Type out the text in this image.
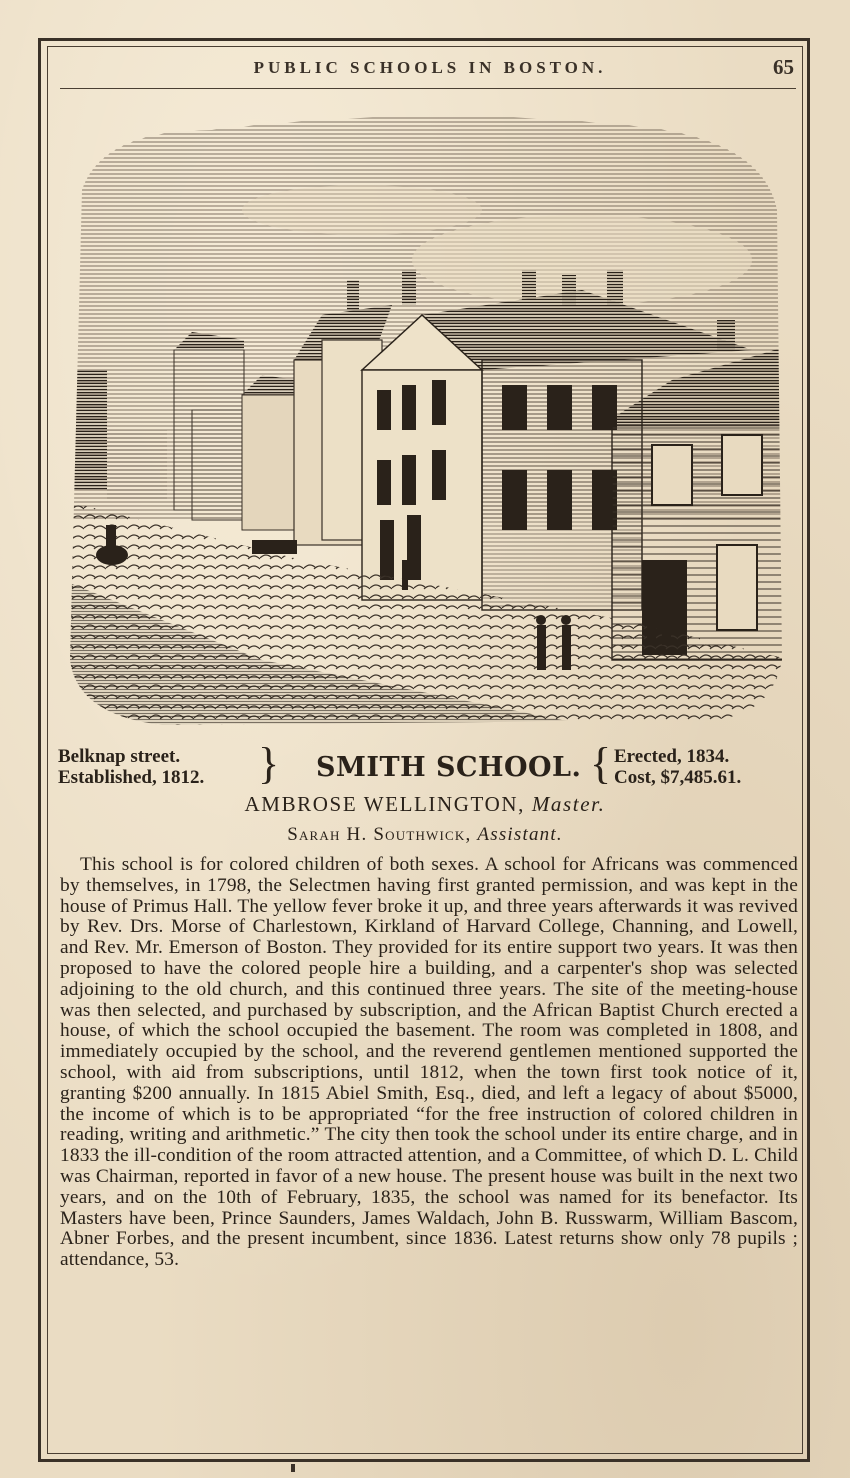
PUBLIC SCHOOLS IN BOSTON.	65
Belknap street.
Established, 1812. } SMITH SCHOOL. { Erected, 1834.
Cost, $7,485.61.
AMBROSE WELLINGTON, Master.
Sarah H. Southwick, Assistant.
This school is for colored children of both sexes. A school for Africans was commenced by themselves, in 1798, the Selectmen having first granted permission, and was kept in the house of Primus Hall. The yellow fever broke it up, and three years afterwards it was revived by Rev. Drs. Morse of Charlestown, Kirkland of Harvard College, Channing, and Lowell, and Rev. Mr. Emerson of Boston. They provided for its entire support two years. It was then proposed to have the colored people hire a building, and a carpenter's shop was selected adjoining to the old church, and this continued three years. The site of the meeting-house was then selected, and purchased by subscription, and the African Baptist Church erected a house, of which the school occupied the basement. The room was completed in 1808, and immediately occupied by the school, and the reverend gentlemen mentioned supported the school, with aid from subscriptions, until 1812, when the town first took notice of it, granting $200 annually. In 1815 Abiel Smith, Esq., died, and left a legacy of about $5000, the income of which is to be appropriated “for the free instruction of colored children in reading, writing and arithmetic.” The city then took the school under its entire charge, and in 1833 the ill-condition of the room attracted attention, and a Committee, of which D. L. Child was Chairman, reported in favor of a new house. The present house was built in the next two years, and on the 10th of February, 1835, the school was named for its benefactor. Its Masters have been, Prince Saunders, James Waldach, John B. Russwarm, William Bascom, Abner Forbes, and the present incumbent, since 1836. Latest returns show only 78 pupils ; attendance, 53.
